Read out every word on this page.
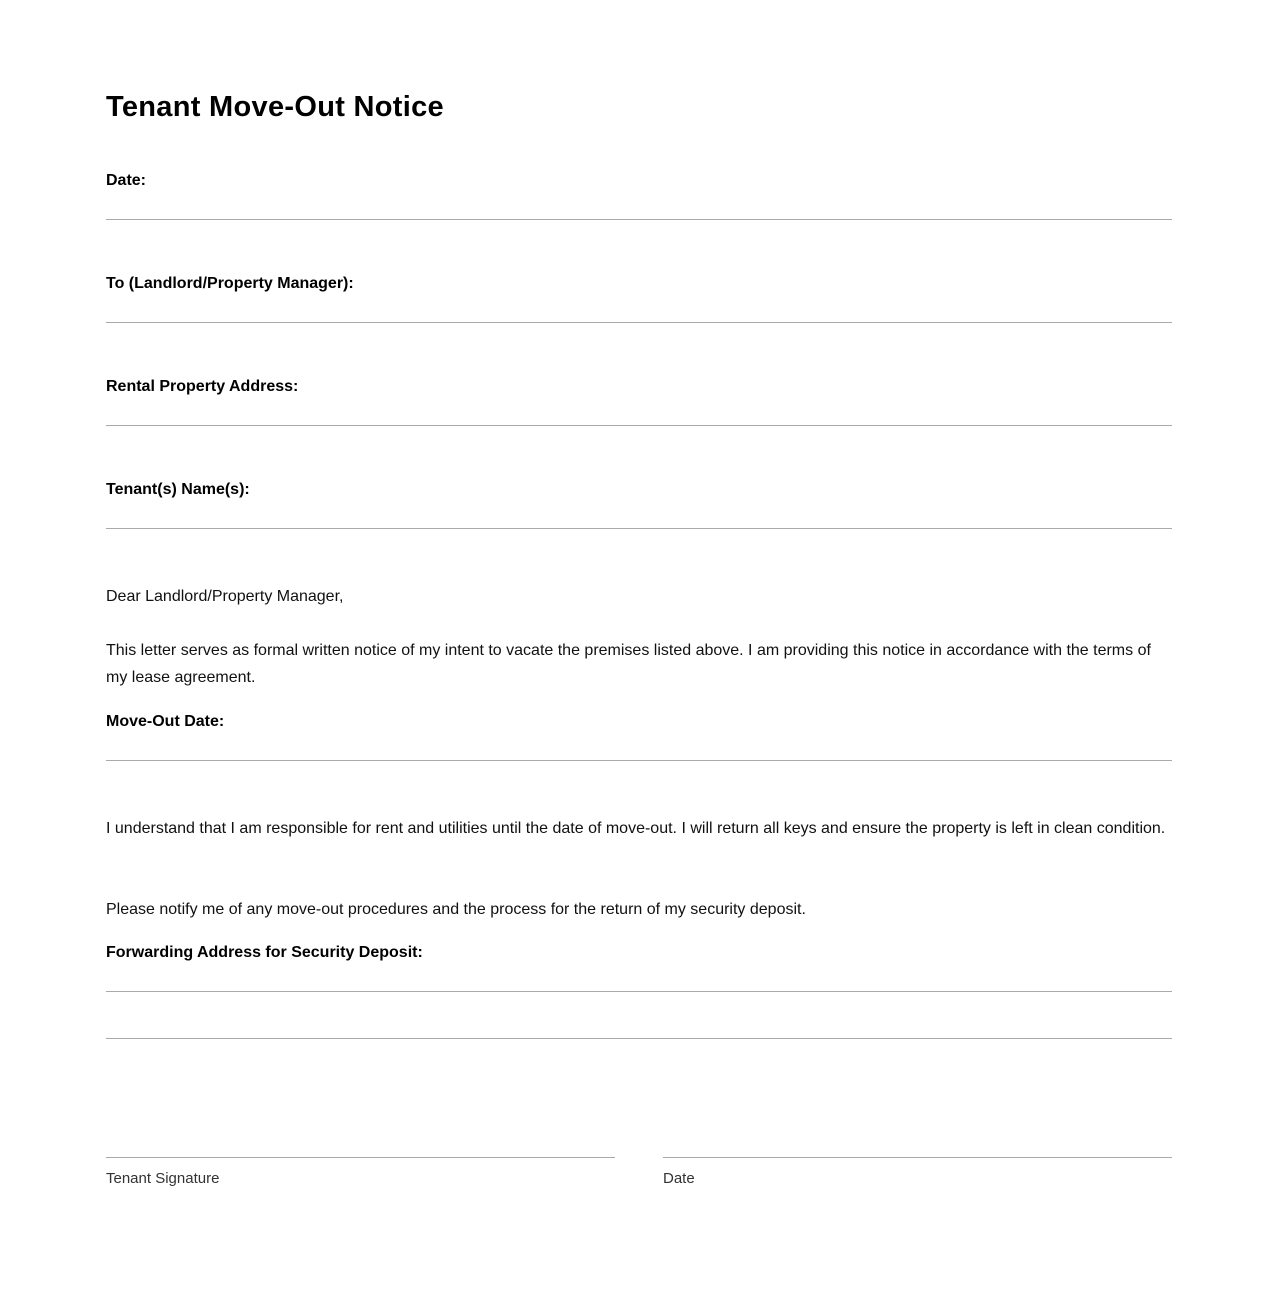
Tenant Move-Out Notice
Date:
To (Landlord/Property Manager):
Rental Property Address:
Tenant(s) Name(s):

Dear Landlord/Property Manager,

This letter serves as formal written notice of my intent to vacate the premises listed above. I am providing this notice in accordance with the terms of my lease agreement.

Move-Out Date:

I understand that I am responsible for rent and utilities until the date of move-out. I will return all keys and ensure the property is left in clean condition.

Please notify me of any move-out procedures and the process for the return of my security deposit.

Forwarding Address for Security Deposit:
Tenant Signature	Date
